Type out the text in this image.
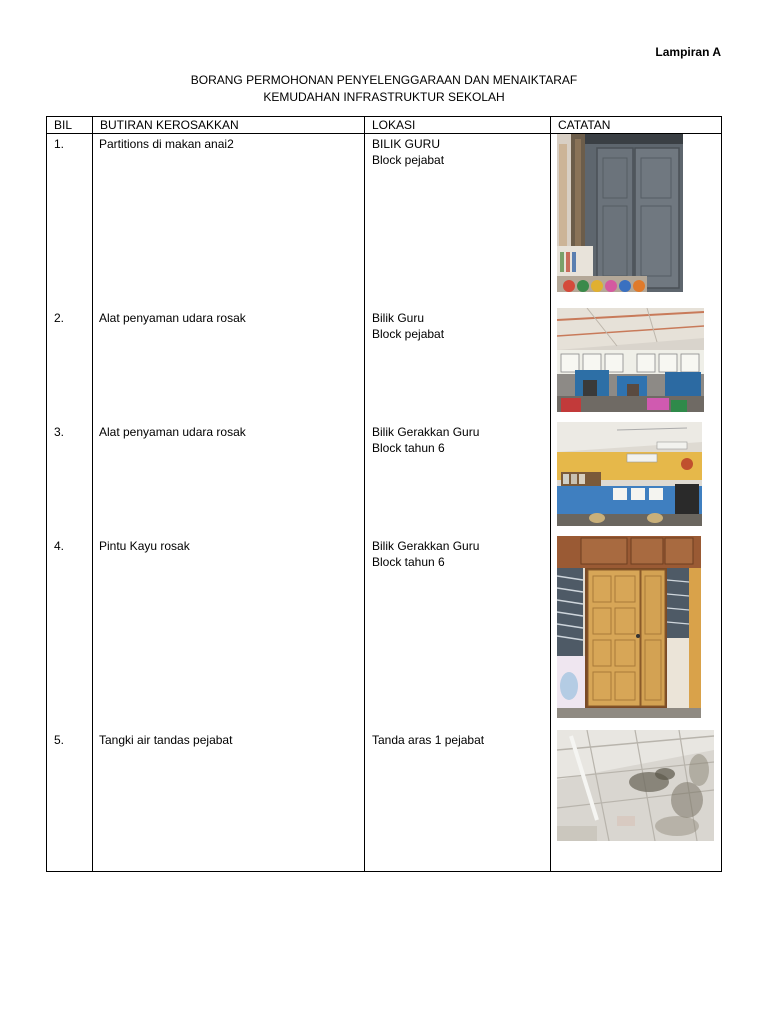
Lampiran A
BORANG PERMOHONAN PENYELENGGARAAN DAN MENAIKTARAF
KEMUDAHAN INFRASTRUKTUR SEKOLAH
BIL	BUTIRAN KEROSAKKAN	LOKASI	CATATAN
1.	Partitions di makan anai2	BILIK GURU
Block pejabat

2.	Alat penyaman udara rosak	Bilik Guru
Block pejabat

3.	Alat penyaman udara rosak	Bilik Gerakkan Guru
Block tahun 6

4.	Pintu Kayu rosak	Bilik Gerakkan Guru
Block tahun 6

5.	Tangki air tandas pejabat	Tanda aras 1 pejabat
